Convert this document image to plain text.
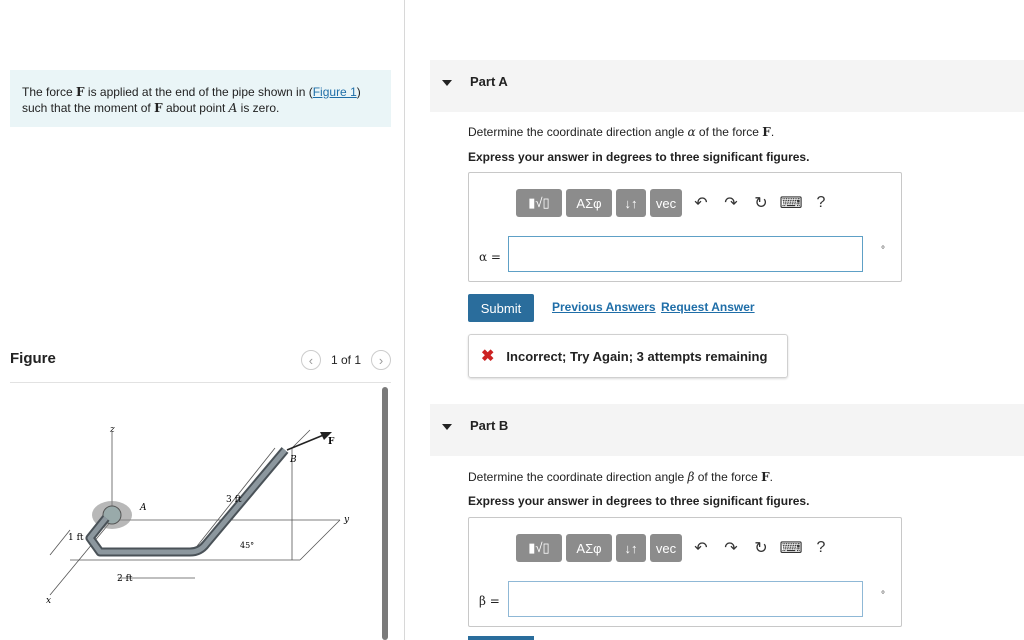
The force F is applied at the end of the pipe shown in (Figure 1)
such that the moment of F about point A is zero.
Figure	‹	1 of 1	›
z
x
y
A
B
F
1 ft
2 ft
3 ft
45°
Part A
Determine the coordinate direction angle α of the force F.
Express your answer in degrees to three significant figures.
▮√▯	ΑΣφ	↓↑	vec	↶	↷	↻ ⌨ ?
α =	°
Submit	Previous Answers Request Answer
✖ Incorrect; Try Again; 3 attempts remaining
Part B
Determine the coordinate direction angle β of the force F.
Express your answer in degrees to three significant figures.
▮√▯	ΑΣφ	↓↑	vec	↶	↷	↻ ⌨ ?
β =	°
